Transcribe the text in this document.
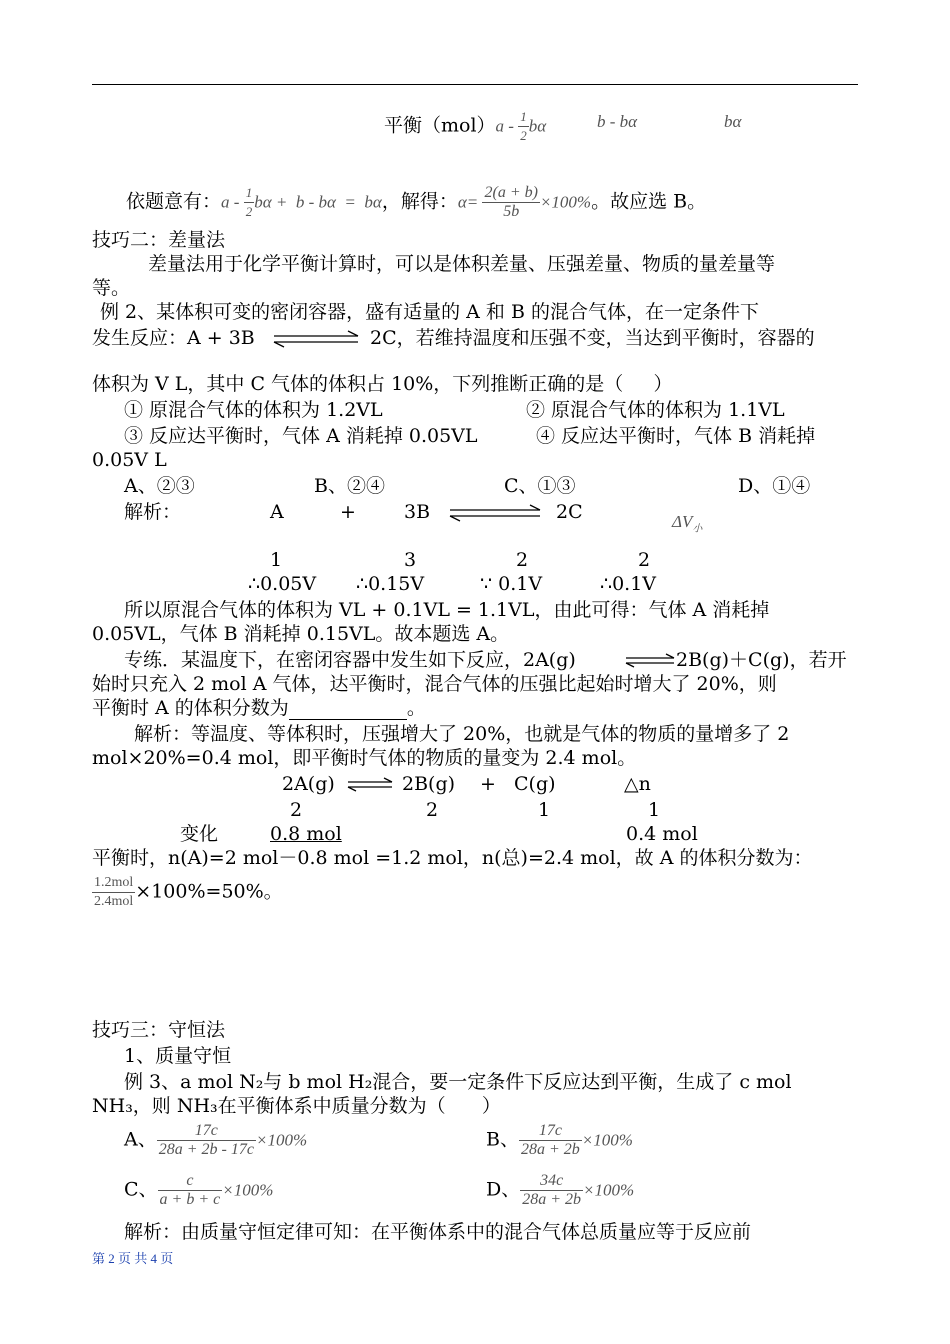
平衡$(mol)a - \frac{1}{2}$ bα	b - bα	bα
依题意有：a - $\frac{1}{2}$ bα +  b - bα  =  bα，解得：$\alpha= \frac{2(a + b)}{5b} \times 100\%$。故应选 B。
技巧二：差量法
差量法用于化学平衡计算时，可以是体积差量、压强差量、物质的量差量等
等。
例 2、某体积可变的密闭容器，盛有适量的 A 和 B 的混合气体，在一定条件下
发生反应：A + 3B	2C，若维持温度和压强不变，当达到平衡时，容器的
体积为 V L，其中 C 气体的体积占 10%，下列推断正确的是（     ）
① 原混合气体的体积为 1.2VL	② 原混合气体的体积为 1.1VL
③ 反应达平衡时，气体 A 消耗掉 0.05VL	④ 反应达平衡时，气体 B 消耗掉
0.05V L
A、②③	B、②④	C、①③	D、①④
解析：	A	+	3B	2C	$\Delta V_小$
1	3	2	2
∴0.05V ∴0.15V	∵ 0.1V	∴0.1V
所以原混合气体的体积为 VL + 0.1VL = 1.1VL，由此可得：气体 A 消耗掉
0.05VL，气体 B 消耗掉 0.15VL。故本题选 A。
专练．某温度下，在密闭容器中发生如下反应，2A(g)	⇌ 2B(g)＋C(g)，若开
始时只充入 2 mol A 气体，达平衡时，混合气体的压强比起始时增大了 20%，则
平衡时 A 的体积分数为	。
解析：等温度、等体积时，压强增大了 20%，也就是气体的物质的量增多了 2
mol×20%=0.4 mol，即平衡时气体的物质的量变为 2.4 mol。
2A(g) ⇌ 2B(g) + C(g)	△n
2	2	1	1
变化	0.8 mol	0.4 mol
平衡时，n(A)=2 mol－0.8 mol =1.2 mol，n(总)=2.4 mol，故 A 的体积分数为：
$\frac{\text{1.2mol}}{\text{2.4mol}} \times 100\%=50\%$。
技巧三：守恒法
1、质量守恒
例 3、a mol N₂与 b mol H₂混合，要一定条件下反应达到平衡，生成了 c mol
NH₃，则 NH₃在平衡体系中质量分数为（      ）
A、 $\frac{17c}{28a + 2b - 17c} \times 100\%$	B、 $\frac{17c}{28a + 2b} \times 100\%$
C、 $\frac{c}{a + b + c} \times 100\%$	D、 $\frac{34c}{28a + 2b} \times 100\%$
解析：由质量守恒定律可知：在平衡体系中的混合气体总质量应等于反应前
第 2 页 共 4 页
